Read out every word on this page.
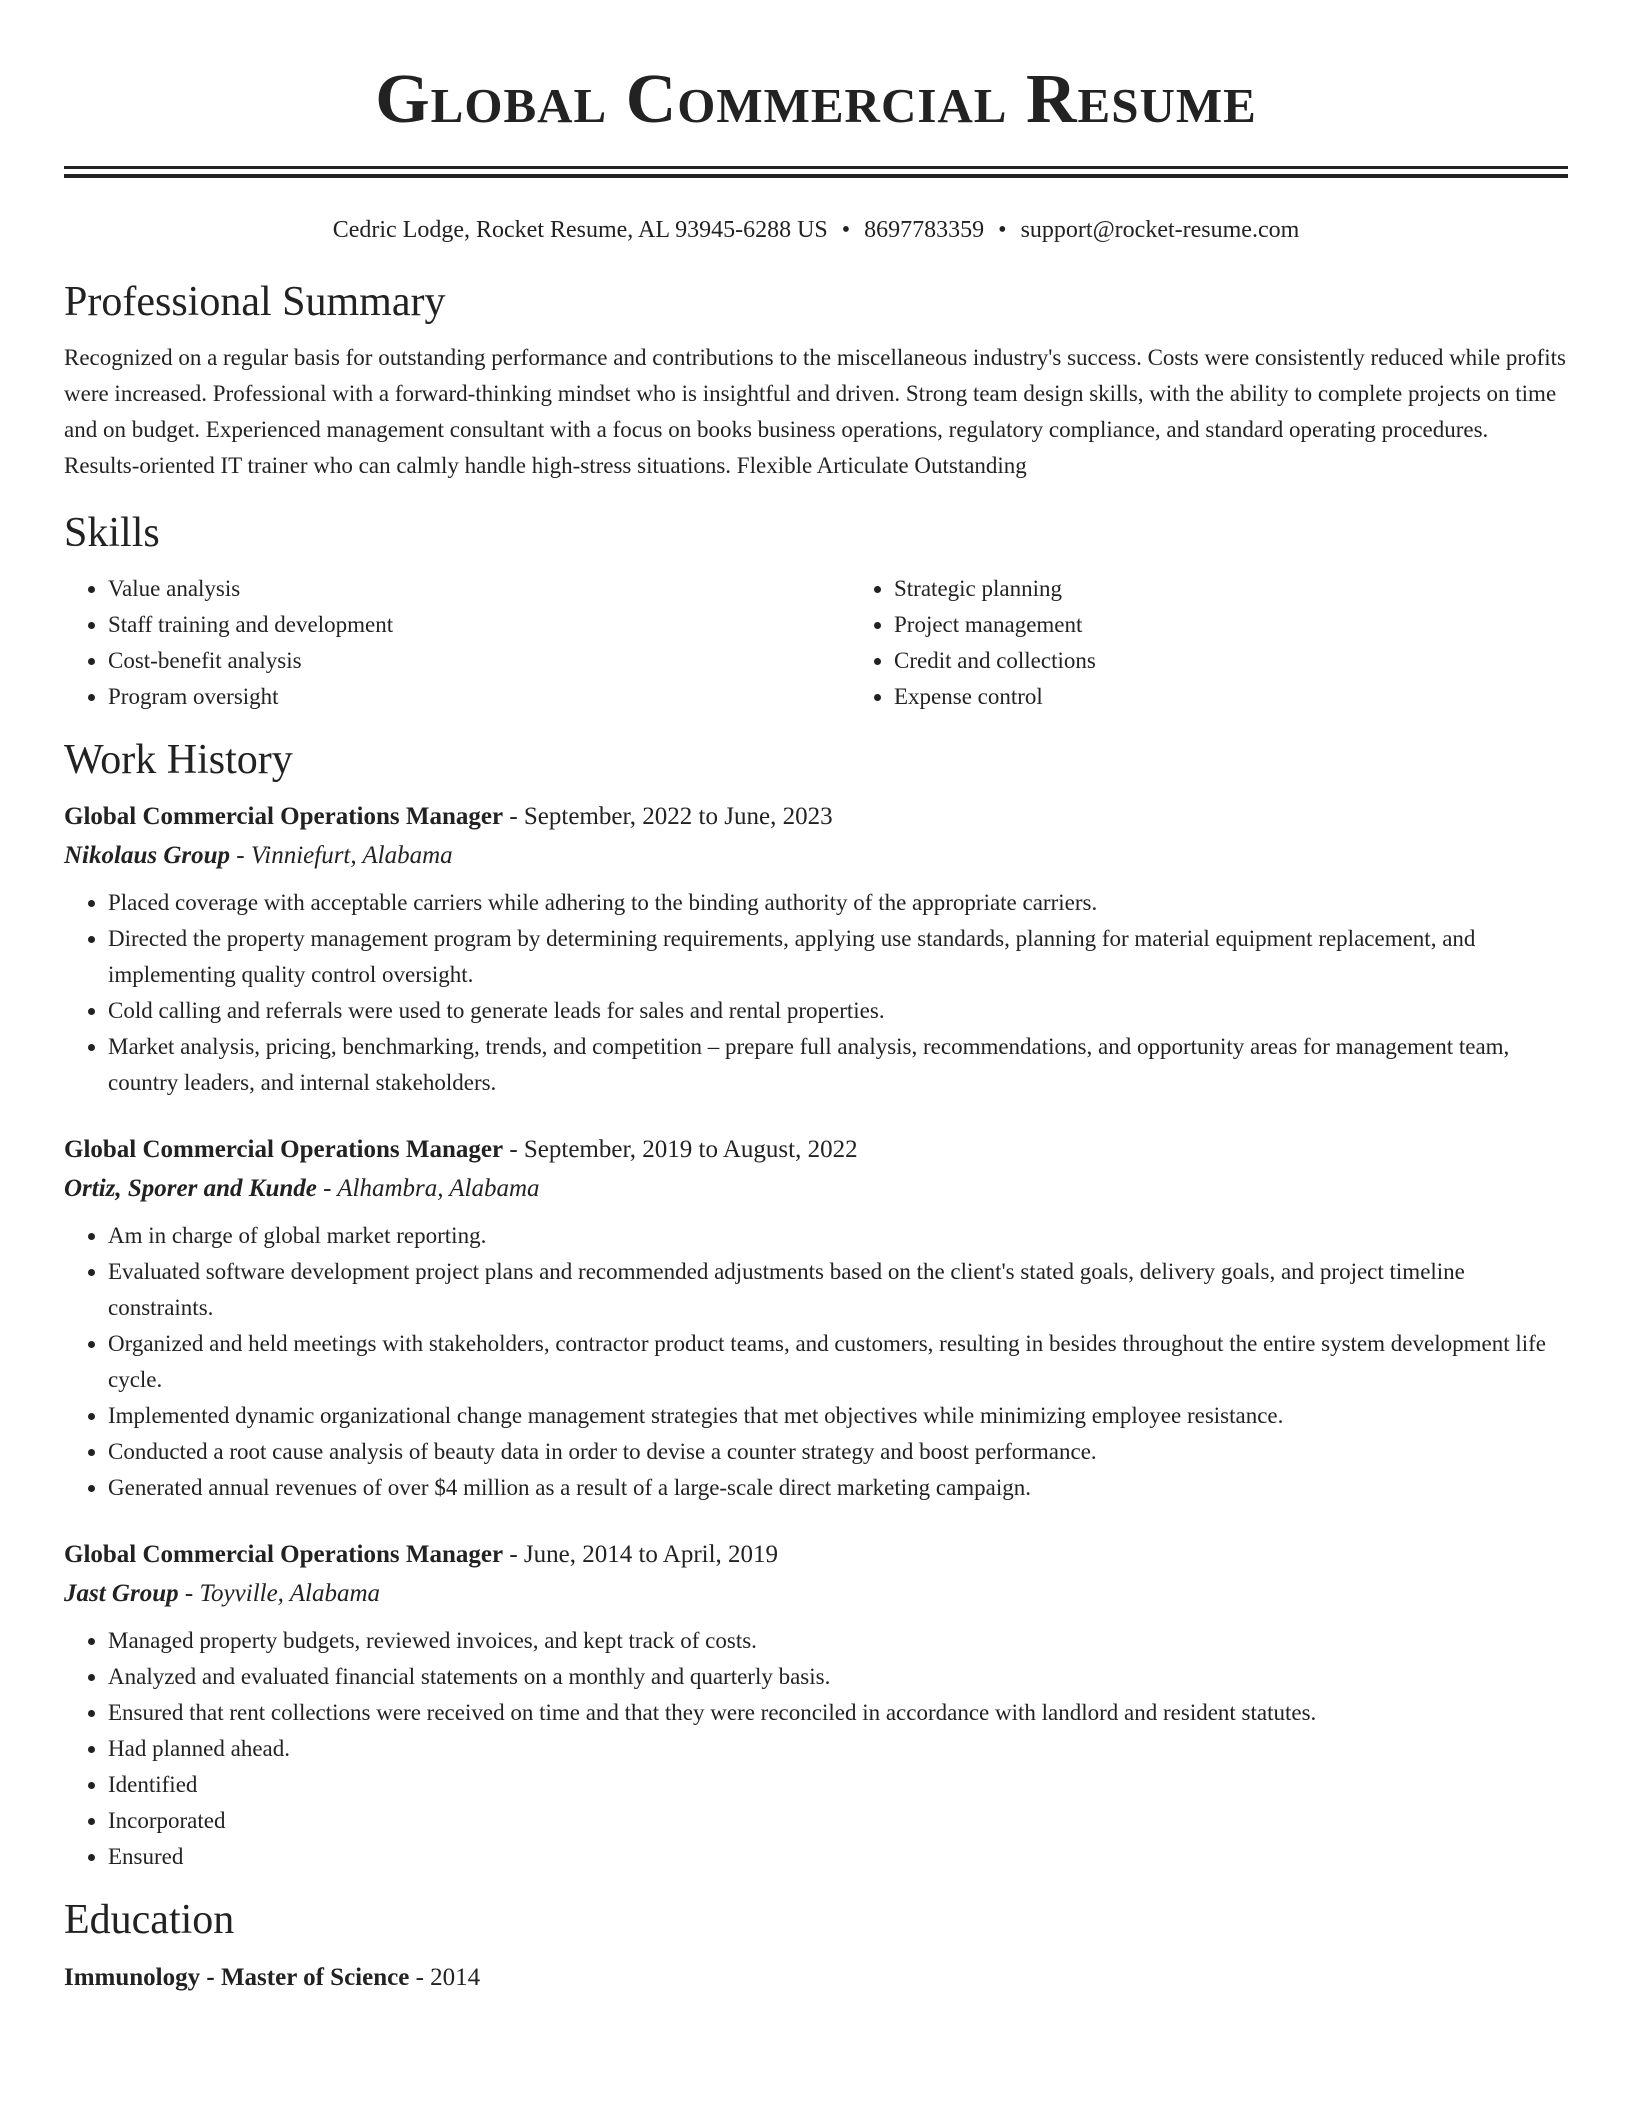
Global Commercial Resume
Cedric Lodge, Rocket Resume, AL 93945-6288 US • 8697783359 • support@rocket-resume.com
Professional Summary

Recognized on a regular basis for outstanding performance and contributions to the miscellaneous industry's success. Costs were consistently reduced while profits were increased. Professional with a forward-thinking mindset who is insightful and driven. Strong team design skills, with the ability to complete projects on time and on budget. Experienced management consultant with a focus on books business operations, regulatory compliance, and standard operating procedures. Results-oriented IT trainer who can calmly handle high-stress situations. Flexible Articulate Outstanding

Skills
• Value analysis
• Staff training and development
• Cost-benefit analysis
• Program oversight
• Strategic planning
• Project management
• Credit and collections
• Expense control
Work History

Global Commercial Operations Manager - September, 2022 to June, 2023

Nikolaus Group - Vinniefurt, Alabama

• Placed coverage with acceptable carriers while adhering to the binding authority of the appropriate carriers.
• Directed the property management program by determining requirements, applying use standards, planning for material equipment replacement, and implementing quality control oversight.
• Cold calling and referrals were used to generate leads for sales and rental properties.
• Market analysis, pricing, benchmarking, trends, and competition – prepare full analysis, recommendations, and opportunity areas for management team, country leaders, and internal stakeholders.

Global Commercial Operations Manager - September, 2019 to August, 2022

Ortiz, Sporer and Kunde - Alhambra, Alabama

• Am in charge of global market reporting.
• Evaluated software development project plans and recommended adjustments based on the client's stated goals, delivery goals, and project timeline constraints.
• Organized and held meetings with stakeholders, contractor product teams, and customers, resulting in besides throughout the entire system development life cycle.
• Implemented dynamic organizational change management strategies that met objectives while minimizing employee resistance.
• Conducted a root cause analysis of beauty data in order to devise a counter strategy and boost performance.
• Generated annual revenues of over $4 million as a result of a large-scale direct marketing campaign.

Global Commercial Operations Manager - June, 2014 to April, 2019

Jast Group - Toyville, Alabama

• Managed property budgets, reviewed invoices, and kept track of costs.
• Analyzed and evaluated financial statements on a monthly and quarterly basis.
• Ensured that rent collections were received on time and that they were reconciled in accordance with landlord and resident statutes.
• Had planned ahead.
• Identified
• Incorporated
• Ensured
Education

Immunology - Master of Science - 2014
